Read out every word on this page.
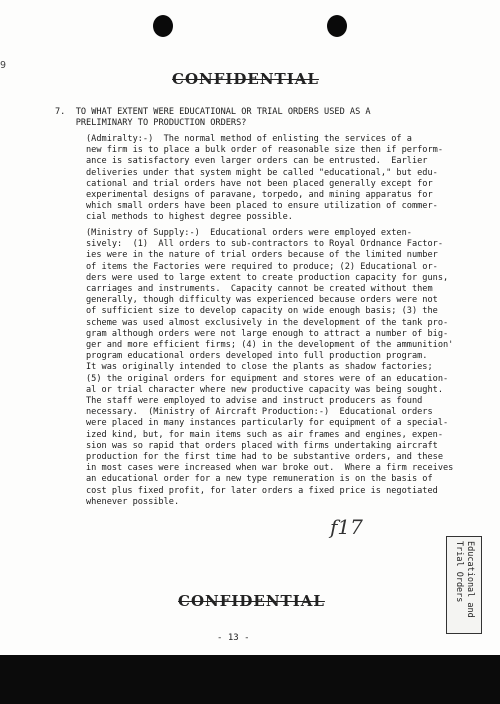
9
CONFIDENTIAL
7.  TO WHAT EXTENT WERE EDUCATIONAL OR TRIAL ORDERS USED AS A
PRELIMINARY TO PRODUCTION ORDERS?
(Admiralty:-)  The normal method of enlisting the services of a
new firm is to place a bulk order of reasonable size then if perform-
ance is satisfactory even larger orders can be entrusted.  Earlier
deliveries under that system might be called "educational," but edu-
cational and trial orders have not been placed generally except for
experimental designs of paravane, torpedo, and mining apparatus for
which small orders have been placed to ensure utilization of commer-
cial methods to highest degree possible.
(Ministry of Supply:-)  Educational orders were employed exten-
sively:  (1)  All orders to sub-contractors to Royal Ordnance Factor-
ies were in the nature of trial orders because of the limited number
of items the Factories were required to produce; (2) Educational or-
ders were used to large extent to create production capacity for guns,
carriages and instruments.  Capacity cannot be created without them
generally, though difficulty was experienced because orders were not
of sufficient size to develop capacity on wide enough basis; (3) the
scheme was used almost exclusively in the development of the tank pro-
gram although orders were not large enough to attract a number of big-
ger and more efficient firms; (4) in the development of the ammunition'
program educational orders developed into full production program.
It was originally intended to close the plants as shadow factories;
(5) the original orders for equipment and stores were of an education-
al or trial character where new productive capacity was being sought.
The staff were employed to advise and instruct producers as found
necessary.  (Ministry of Aircraft Production:-)  Educational orders
were placed in many instances particularly for equipment of a special-
ized kind, but, for main items such as air frames and engines, expen-
sion was so rapid that orders placed with firms undertaking aircraft
production for the first time had to be substantive orders, and these
in most cases were increased when war broke out.  Where a firm receives
an educational order for a new type remuneration is on the basis of
cost plus fixed profit, for later orders a fixed price is negotiated
whenever possible.
f17
Educational and
Trial Orders
CONFIDENTIAL
- 13 -
